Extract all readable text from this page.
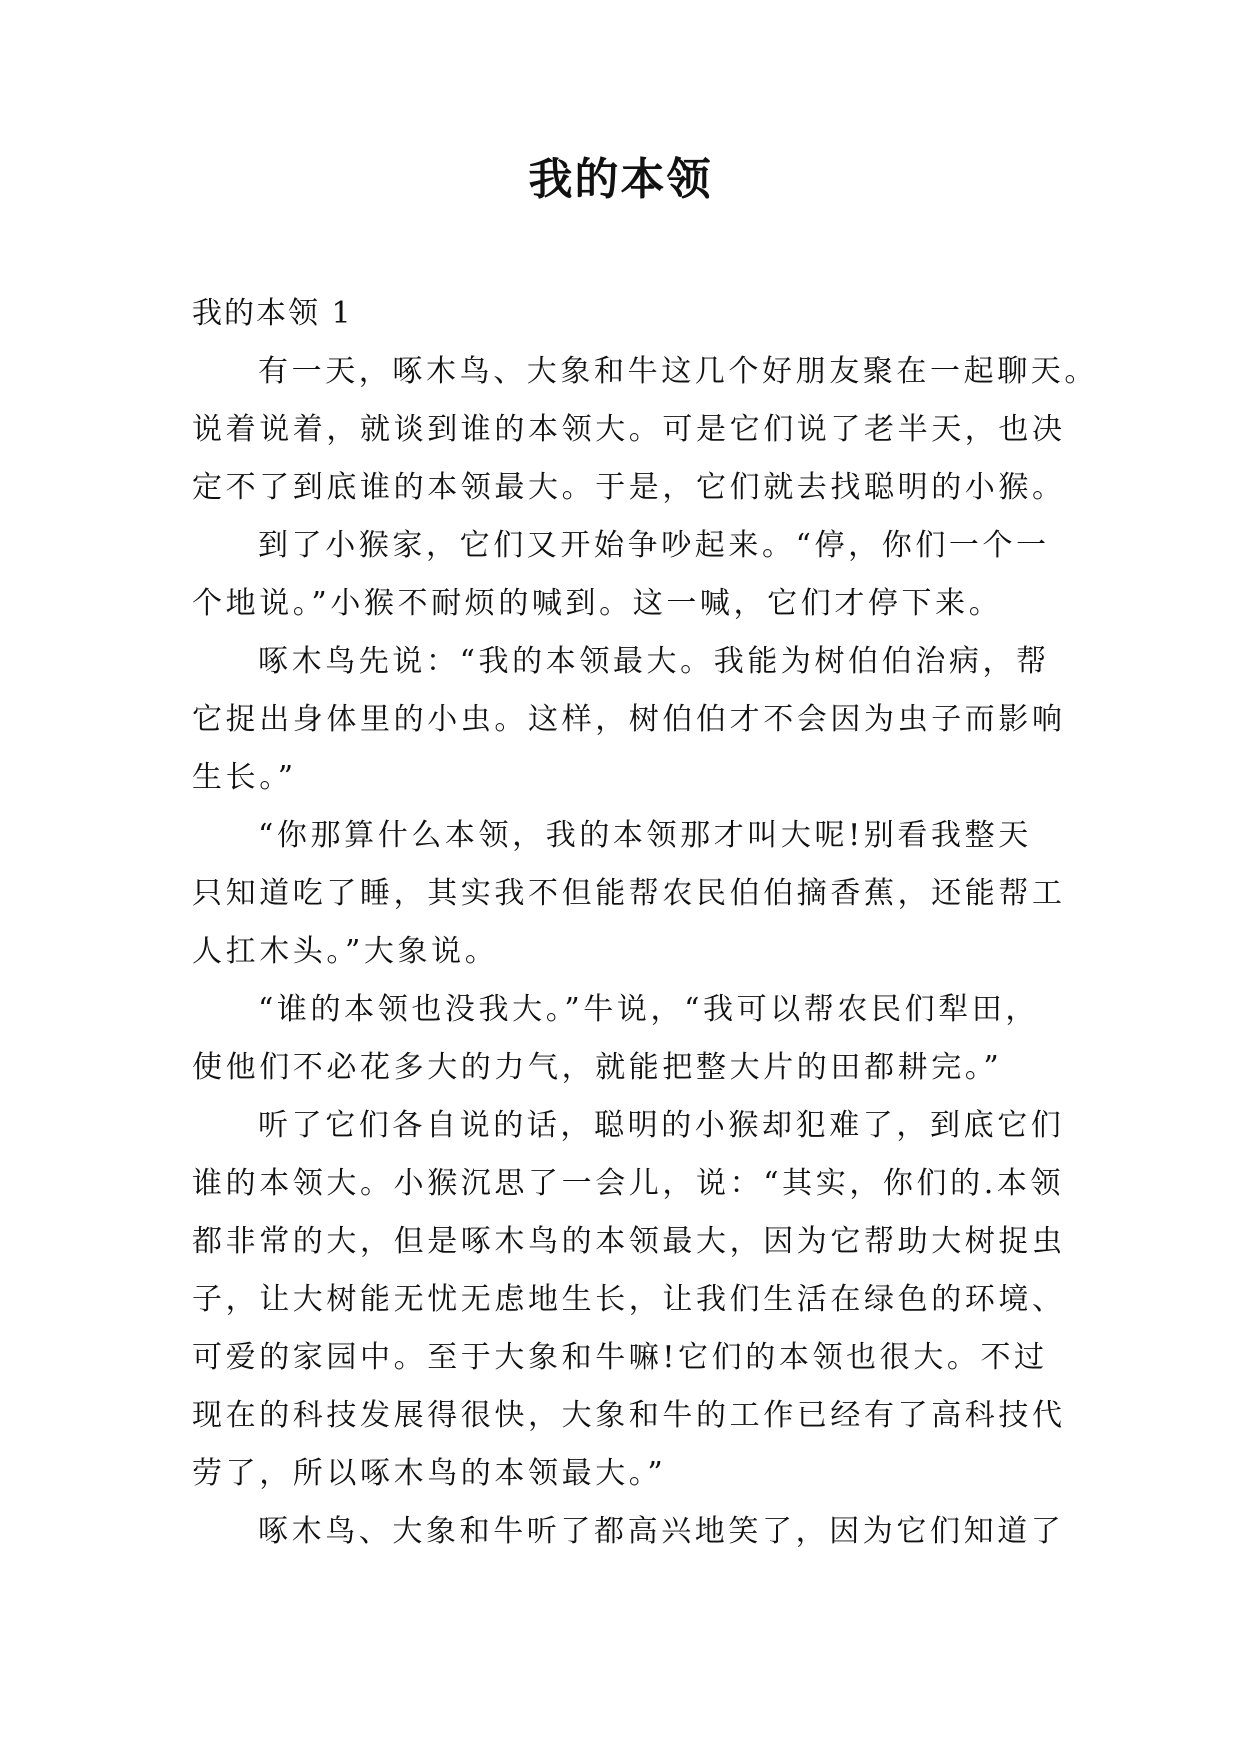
我的本领
我的本领 1
有一天，啄木鸟、大象和牛这几个好朋友聚在一起聊天。
说着说着，就谈到谁的本领大。可是它们说了老半天，也决
定不了到底谁的本领最大。于是，它们就去找聪明的小猴。
到了小猴家，它们又开始争吵起来。“停，你们一个一
个地说。”小猴不耐烦的喊到。这一喊，它们才停下来。
啄木鸟先说：“我的本领最大。我能为树伯伯治病，帮
它捉出身体里的小虫。这样，树伯伯才不会因为虫子而影响
生长。”
“你那算什么本领，我的本领那才叫大呢!别看我整天
只知道吃了睡，其实我不但能帮农民伯伯摘香蕉，还能帮工
人扛木头。”大象说。
“谁的本领也没我大。”牛说，“我可以帮农民们犁田，
使他们不必花多大的力气，就能把整大片的田都耕完。”
听了它们各自说的话，聪明的小猴却犯难了，到底它们
谁的本领大。小猴沉思了一会儿，说：“其实，你们的.本领
都非常的大，但是啄木鸟的本领最大，因为它帮助大树捉虫
子，让大树能无忧无虑地生长，让我们生活在绿色的环境、
可爱的家园中。至于大象和牛嘛!它们的本领也很大。不过
现在的科技发展得很快，大象和牛的工作已经有了高科技代
劳了，所以啄木鸟的本领最大。”
啄木鸟、大象和牛听了都高兴地笑了，因为它们知道了
